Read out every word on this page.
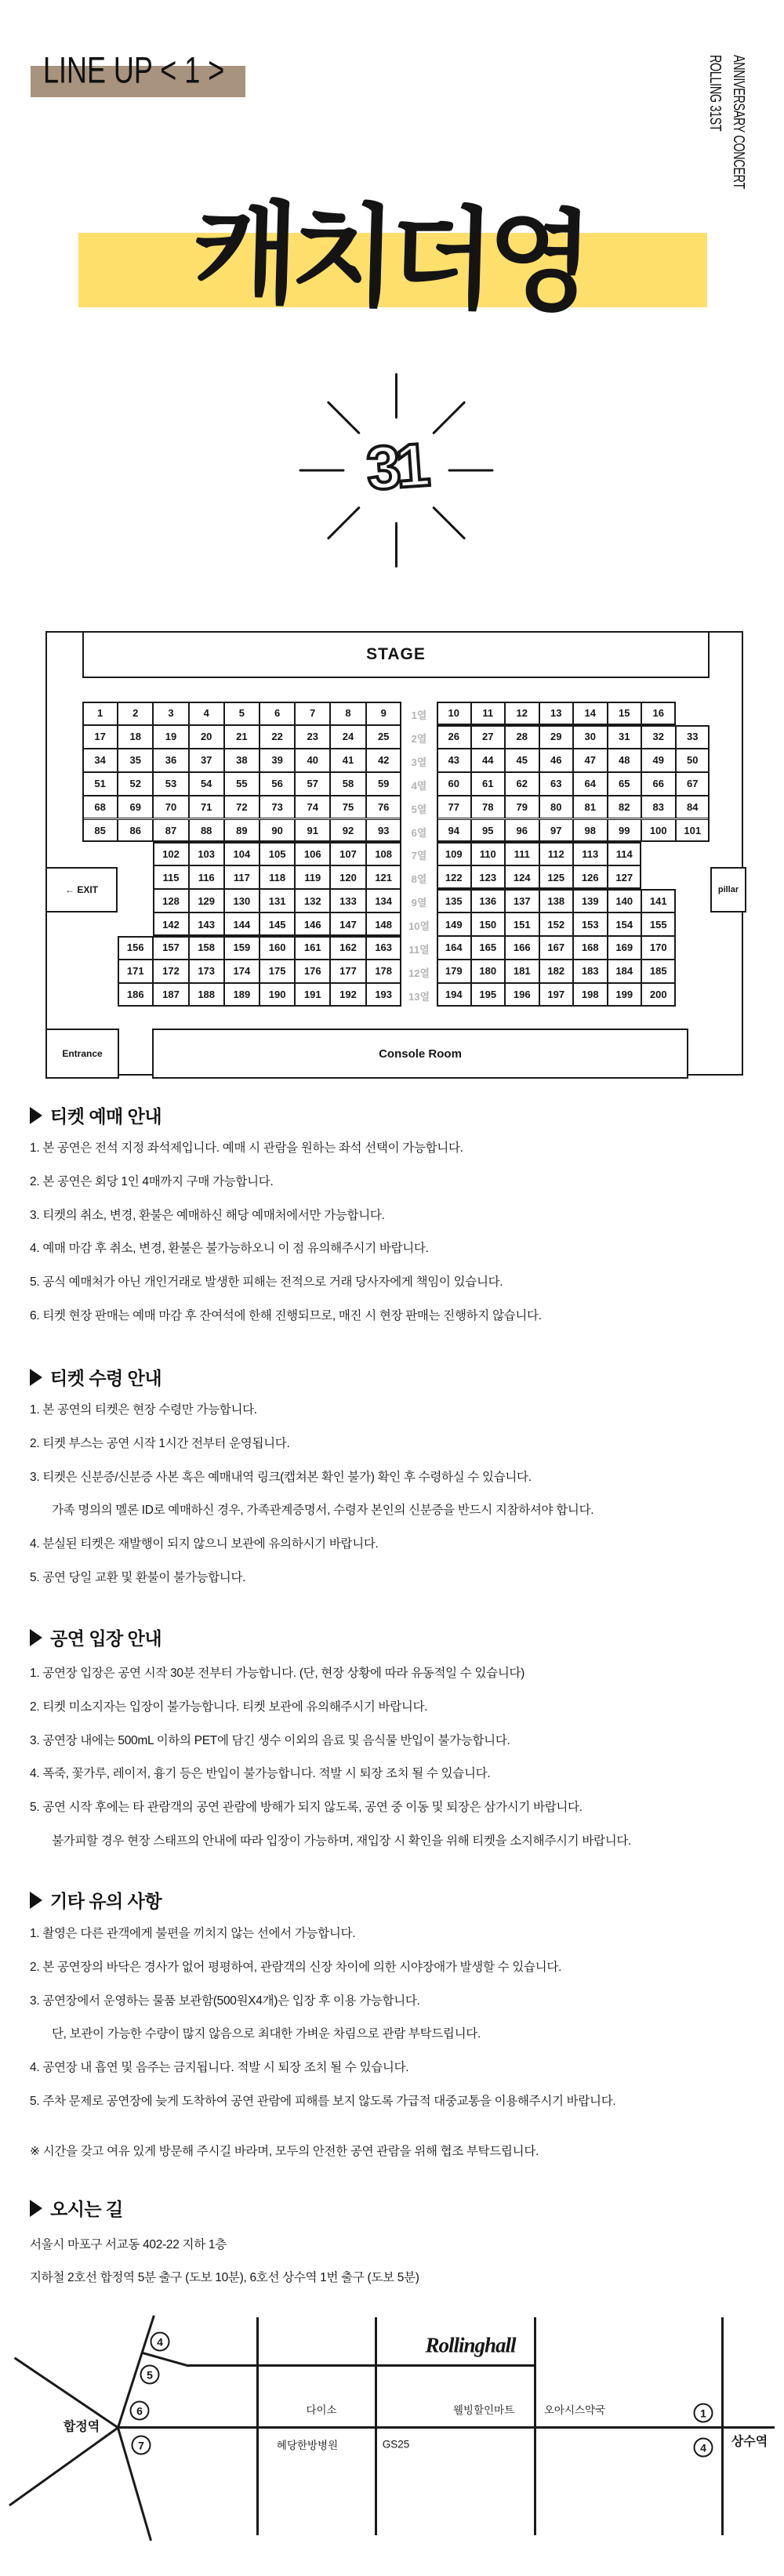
LINE UP < 1 >	ROLLING 31ST ANNIVERSARY CONCERT
캐치더영
31
STAGE
1	2	3	4	5	6	7	8	9	1열	10	11	12	13	14	15	16
17	18	19	20	21	22	23	24	25	2열	26	27	28	29	30	31	32	33
34	35	36	37	38	39	40	41	42	3열	43	44	45	46	47	48	49	50
51	52	53	54	55	56	57	58	59	4열	60	61	62	63	64	65	66	67
68	69	70	71	72	73	74	75	76	5열	77	78	79	80	81	82	83	84
85	86	87	88	89	90	91	92	93	6열	94	95	96	97	98	99	100	101
102	103	104	105	106	107	108	7열	109	110	111	112	113	114
115	116	117	118	119	120	121	8열	122	123	124	125	126	127
128	129	130	131	132	133	134	9열	135	136	137	138	139	140	141
142	143	144	145	146	147	148	10열	149	150	151	152	153	154	155
156	157	158	159	160	161	162	163	11열	164	165	166	167	168	169	170
171	172	173	174	175	176	177	178	12열	179	180	181	182	183	184	185
186	187	188	189	190	191	192	193	13열	194	195	196	197	198	199	200
← EXIT	pillar
Entrance	Console Room
티켓 예매 안내
1. 본 공연은 전석 지정 좌석제입니다. 예매 시 관람을 원하는 좌석 선택이 가능합니다.
2. 본 공연은 회당 1인 4매까지 구매 가능합니다.
3. 티켓의 취소, 변경, 환불은 예매하신 해당 예매처에서만 가능합니다.
4. 예매 마감 후 취소, 변경, 환불은 불가능하오니 이 점 유의해주시기 바랍니다.
5. 공식 예매처가 아닌 개인거래로 발생한 피해는 전적으로 거래 당사자에게 책임이 있습니다.
6. 티켓 현장 판매는 예매 마감 후 잔여석에 한해 진행되므로, 매진 시 현장 판매는 진행하지 않습니다.
티켓 수령 안내
1. 본 공연의 티켓은 현장 수령만 가능합니다.
2. 티켓 부스는 공연 시작 1시간 전부터 운영됩니다.
3. 티켓은 신분증/신분증 사본 혹은 예매내역 링크(캡쳐본 확인 불가) 확인 후 수령하실 수 있습니다.
가족 명의의 멜론 ID로 예매하신 경우, 가족관계증명서, 수령자 본인의 신분증을 반드시 지참하셔야 합니다.
4. 분실된 티켓은 재발행이 되지 않으니 보관에 유의하시기 바랍니다.
5. 공연 당일 교환 및 환불이 불가능합니다.
공연 입장 안내
1. 공연장 입장은 공연 시작 30분 전부터 가능합니다. (단, 현장 상황에 따라 유동적일 수 있습니다)
2. 티켓 미소지자는 입장이 불가능합니다. 티켓 보관에 유의해주시기 바랍니다.
3. 공연장 내에는 500mL 이하의 PET에 담긴 생수 이외의 음료 및 음식물 반입이 불가능합니다.
4. 폭죽, 꽃가루, 레이저, 흉기 등은 반입이 불가능합니다. 적발 시 퇴장 조치 될 수 있습니다.
5. 공연 시작 후에는 타 관람객의 공연 관람에 방해가 되지 않도록, 공연 중 이동 및 퇴장은 삼가시기 바랍니다.
불가피할 경우 현장 스태프의 안내에 따라 입장이 가능하며, 재입장 시 확인을 위해 티켓을 소지해주시기 바랍니다.
기타 유의 사항
1. 촬영은 다른 관객에게 불편을 끼치지 않는 선에서 가능합니다.
2. 본 공연장의 바닥은 경사가 없어 평평하여, 관람객의 신장 차이에 의한 시야장애가 발생할 수 있습니다.
3. 공연장에서 운영하는 물품 보관함(500원X4개)은 입장 후 이용 가능합니다.
단, 보관이 가능한 수량이 많지 않음으로 최대한 가벼운 차림으로 관람 부탁드립니다.
4. 공연장 내 흡연 및 음주는 금지됩니다. 적발 시 퇴장 조치 될 수 있습니다.
5. 주차 문제로 공연장에 늦게 도착하여 공연 관람에 피해를 보지 않도록 가급적 대중교통을 이용해주시기 바랍니다.
※ 시간을 갖고 여유 있게 방문해 주시길 바라며, 모두의 안전한 공연 관람을 위해 협조 부탁드립니다.
오시는 길
서울시 마포구 서교동 402-22 지하 1층
지하철 2호선 합정역 5분 출구 (도보 10분), 6호선 상수역 1번 출구 (도보 5분)
Rollinghall
합정역
상수역
다이소	웰빙할인마트	오아시스약국
혜당한방병원	GS25
4
5
6
7
1
4
